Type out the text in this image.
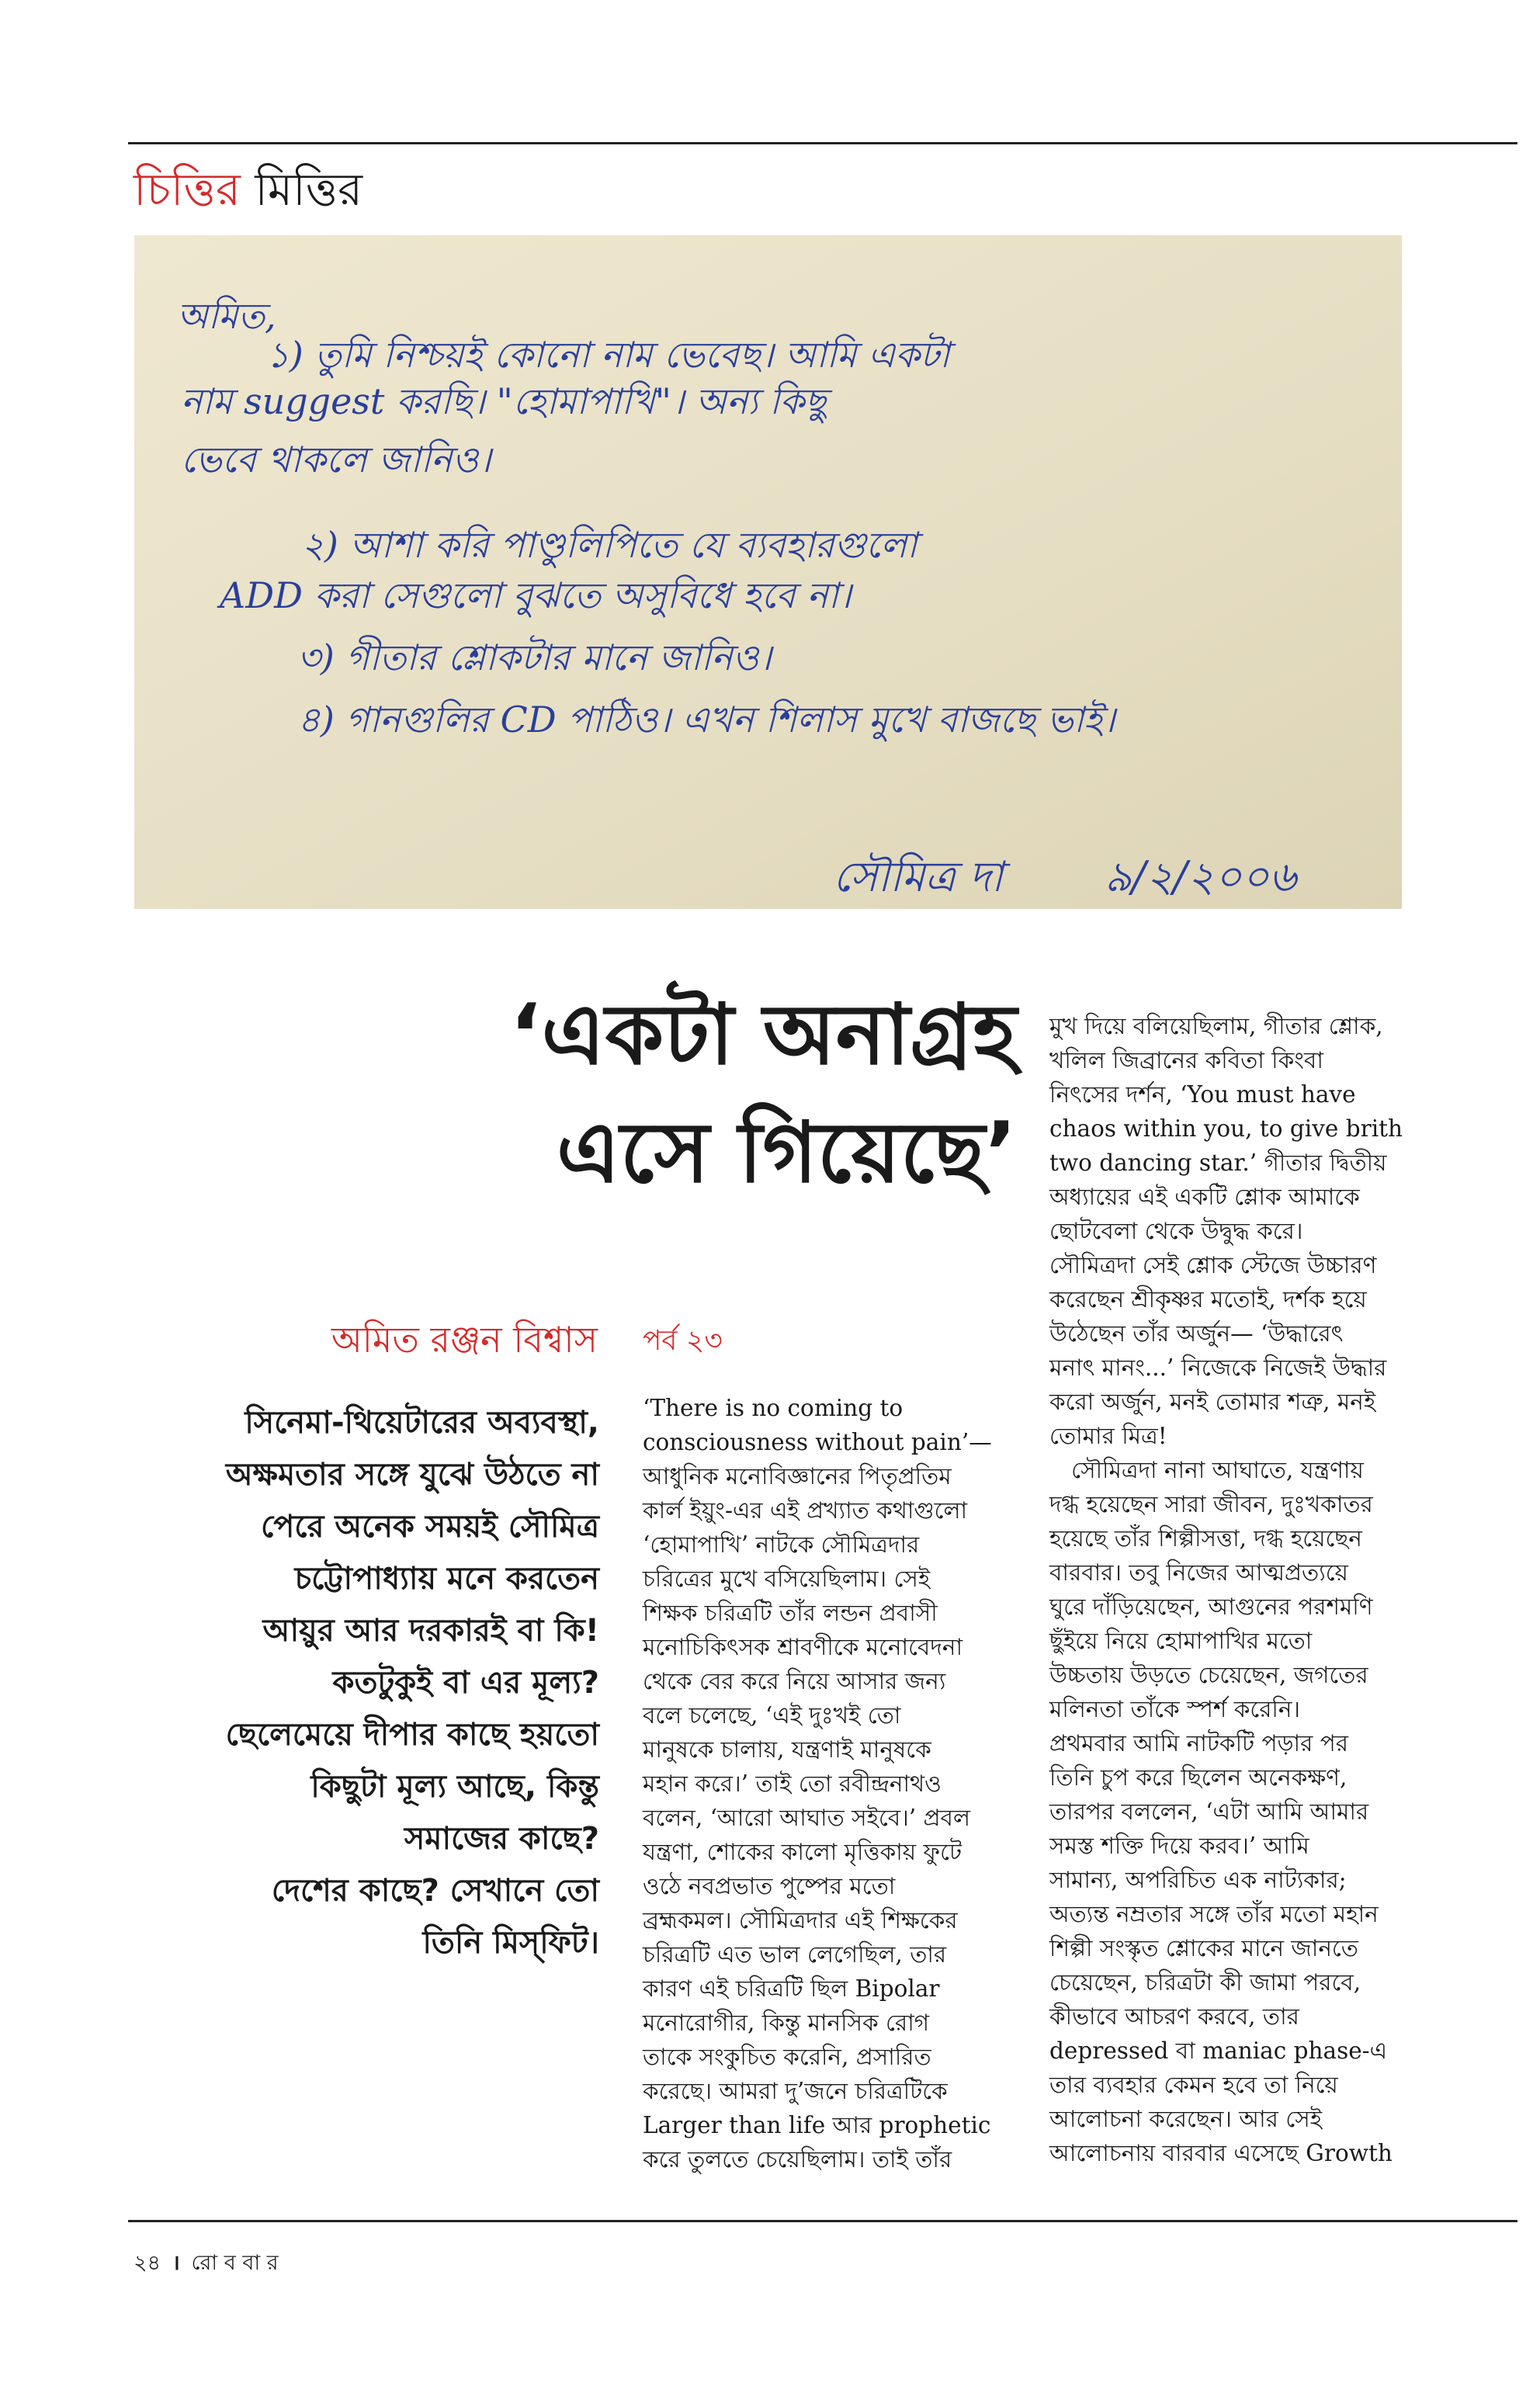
চিত্তির মিত্তির
অমিত,
১) তুমি নিশ্চয়ই কোনো নাম ভেবেছ। আমি একটা
নাম suggest করছি। "হোমাপাখি"। অন্য কিছু
ভেবে থাকলে জানিও।
২) আশা করি পাণ্ডুলিপিতে যে ব্যবহারগুলো
ADD করা সেগুলো বুঝতে অসুবিধে হবে না।
৩) গীতার শ্লোকটার মানে জানিও।
৪) গানগুলির CD পাঠিও। এখন শিলাস মুখে বাজছে ভাই।
সৌমিত্র দা ৯/২/২০০৬
‘একটা অনাগ্রহ
এসে গিয়েছে’
অমিত রঞ্জন বিশ্বাস পর্ব ২৩
সিনেমা-থিয়েটারের অব্যবস্থা,
অক্ষমতার সঙ্গে যুঝে উঠতে না
পেরে অনেক সময়ই সৌমিত্র
চট্টোপাধ্যায় মনে করতেন
আয়ুর আর দরকারই বা কি!
কতটুকুই বা এর মূল্য?
ছেলেমেয়ে দীপার কাছে হয়তো
কিছুটা মূল্য আছে, কিন্তু
সমাজের কাছে?
দেশের কাছে? সেখানে তো
তিনি মিস্‌ফিট।
‘There is no coming to
consciousness without pain’—
আধুনিক মনোবিজ্ঞানের পিতৃপ্রতিম
কার্ল ইয়ুং-এর এই প্রখ্যাত কথাগুলো
‘হোমাপাখি’ নাটকে সৌমিত্রদার
চরিত্রের মুখে বসিয়েছিলাম। সেই
শিক্ষক চরিত্রটি তাঁর লন্ডন প্রবাসী
মনোচিকিৎসক শ্রাবণীকে মনোবেদনা
থেকে বের করে নিয়ে আসার জন্য
বলে চলেছে, ‘এই দুঃখই তো
মানুষকে চালায়, যন্ত্রণাই মানুষকে
মহান করে।’ তাই তো রবীন্দ্রনাথও
বলেন, ‘আরো আঘাত সইবে।’ প্রবল
যন্ত্রণা, শোকের কালো মৃত্তিকায় ফুটে
ওঠে নবপ্রভাত পুষ্পের মতো
ব্রহ্মকমল। সৌমিত্রদার এই শিক্ষকের
চরিত্রটি এত ভাল লেগেছিল, তার
কারণ এই চরিত্রটি ছিল Bipolar
মনোরোগীর, কিন্তু মানসিক রোগ
তাকে সংকুচিত করেনি, প্রসারিত
করেছে। আমরা দু’জনে চরিত্রটিকে
Larger than life আর prophetic
করে তুলতে চেয়েছিলাম। তাই তাঁর
মুখ দিয়ে বলিয়েছিলাম, গীতার শ্লোক,
খলিল জিব্রানের কবিতা কিংবা
নিৎসের দর্শন, ‘You must have
chaos within you, to give brith
two dancing star.’ গীতার দ্বিতীয়
অধ্যায়ের এই একটি শ্লোক আমাকে
ছোটবেলা থেকে উদ্বুদ্ধ করে।
সৌমিত্রদা সেই শ্লোক স্টেজে উচ্চারণ
করেছেন শ্রীকৃষ্ণর মতোই, দর্শক হয়ে
উঠেছেন তাঁর অর্জুন— ‘উদ্ধারেৎ
মনাৎ মানং...’ নিজেকে নিজেই উদ্ধার
করো অর্জুন, মনই তোমার শত্রু, মনই
তোমার মিত্র!
সৌমিত্রদা নানা আঘাতে, যন্ত্রণায়
দগ্ধ হয়েছেন সারা জীবন, দুঃখকাতর
হয়েছে তাঁর শিল্পীসত্তা, দগ্ধ হয়েছেন
বারবার। তবু নিজের আত্মপ্রত্যয়ে
ঘুরে দাঁড়িয়েছেন, আগুনের পরশমণি
ছুঁইয়ে নিয়ে হোমাপাখির মতো
উচ্চতায় উড়তে চেয়েছেন, জগতের
মলিনতা তাঁকে স্পর্শ করেনি।
প্রথমবার আমি নাটকটি পড়ার পর
তিনি চুপ করে ছিলেন অনেকক্ষণ,
তারপর বললেন, ‘এটা আমি আমার
সমস্ত শক্তি দিয়ে করব।’ আমি
সামান্য, অপরিচিত এক নাট্যকার;
অত্যন্ত নম্রতার সঙ্গে তাঁর মতো মহান
শিল্পী সংস্কৃত শ্লোকের মানে জানতে
চেয়েছেন, চরিত্রটা কী জামা পরবে,
কীভাবে আচরণ করবে, তার
depressed বা maniac phase-এ
তার ব্যবহার কেমন হবে তা নিয়ে
আলোচনা করেছেন। আর সেই
আলোচনায় বারবার এসেছে Growth
২৪ । রো ব বা র
